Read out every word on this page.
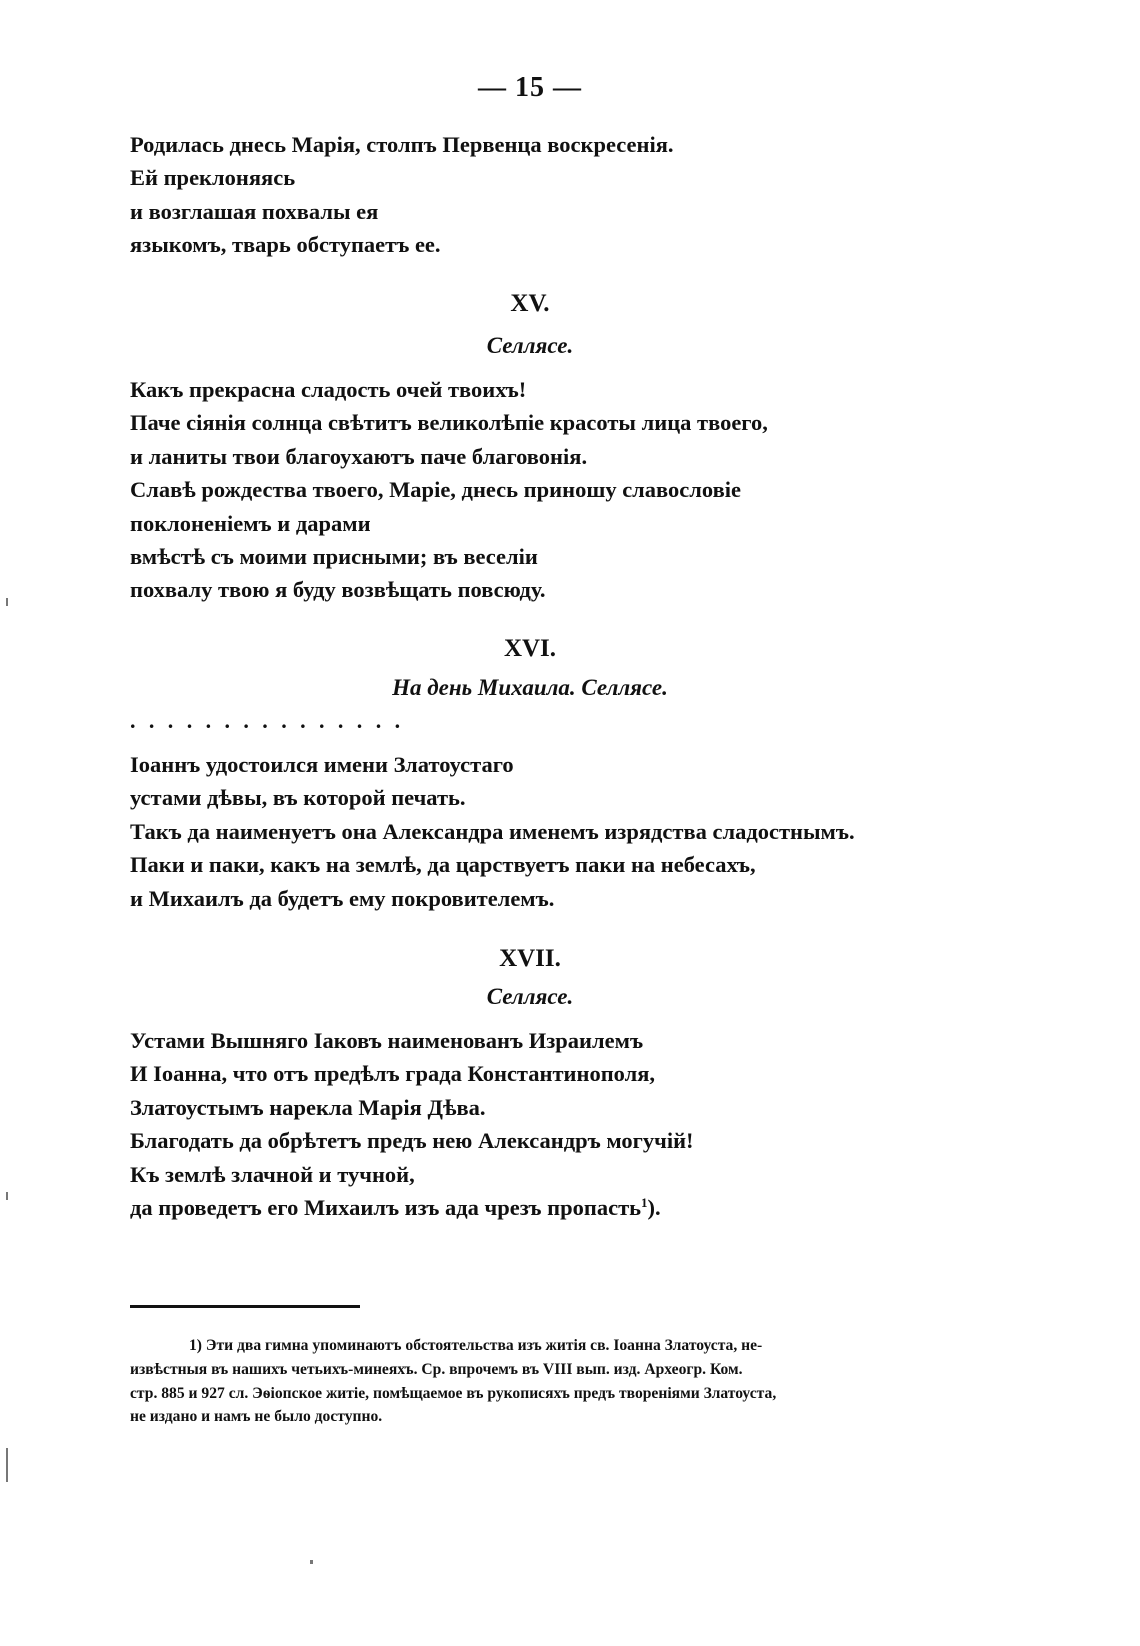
— 15 —
Родилась днесь Марія, столпъ Первенца воскресенія.
Ей преклоняясь
и возглашая похвалы ея
языкомъ, тварь обступаетъ ее.
XV.
Селлясе.
Какъ прекрасна сладость очей твоихъ!
Паче сіянія солнца свѣтитъ великолѣпіе красоты лица твоего,
и ланиты твои благоухаютъ паче благовонія.
Славѣ рождества твоего, Маріе, днесь приношу славословіе
поклоненіемъ и дарами
вмѣстѣ съ моими присными; въ веселіи
похвалу твою я буду возвѣщать повсюду.
XVI.
На день Михаила. Селлясе.
...............
Іоаннъ удостоился имени Златоустаго
устами дѣвы, въ которой печать.
Такъ да наименуетъ она Александра именемъ изрядства сладостнымъ.
Паки и паки, какъ на землѣ, да царствуетъ паки на небесахъ,
и Михаилъ да будетъ ему покровителемъ.
XVII.
Селлясе.
Устами Вышняго Іаковъ наименованъ Израилемъ
И Іоанна, что отъ предѣлъ града Константинополя,
Златоустымъ нарекла Марія Дѣва.
Благодать да обрѣтетъ предъ нею Александръ могучій!
Къ землѣ злачной и тучной,
да проведетъ его Михаилъ изъ ада чрезъ пропасть$^1$).
1) Эти два гимна упоминаютъ обстоятельства изъ житія св. Іоанна Златоуста, не-
извѣстныя въ нашихъ четьихъ-минеяхъ. Ср. впрочемъ въ VIII вып. изд. Археогр. Ком.
стр. 885 и 927 сл. Эѳіопское житіе, помѣщаемое въ рукописяхъ предъ твореніями Златоуста,
не издано и намъ не было доступно.
